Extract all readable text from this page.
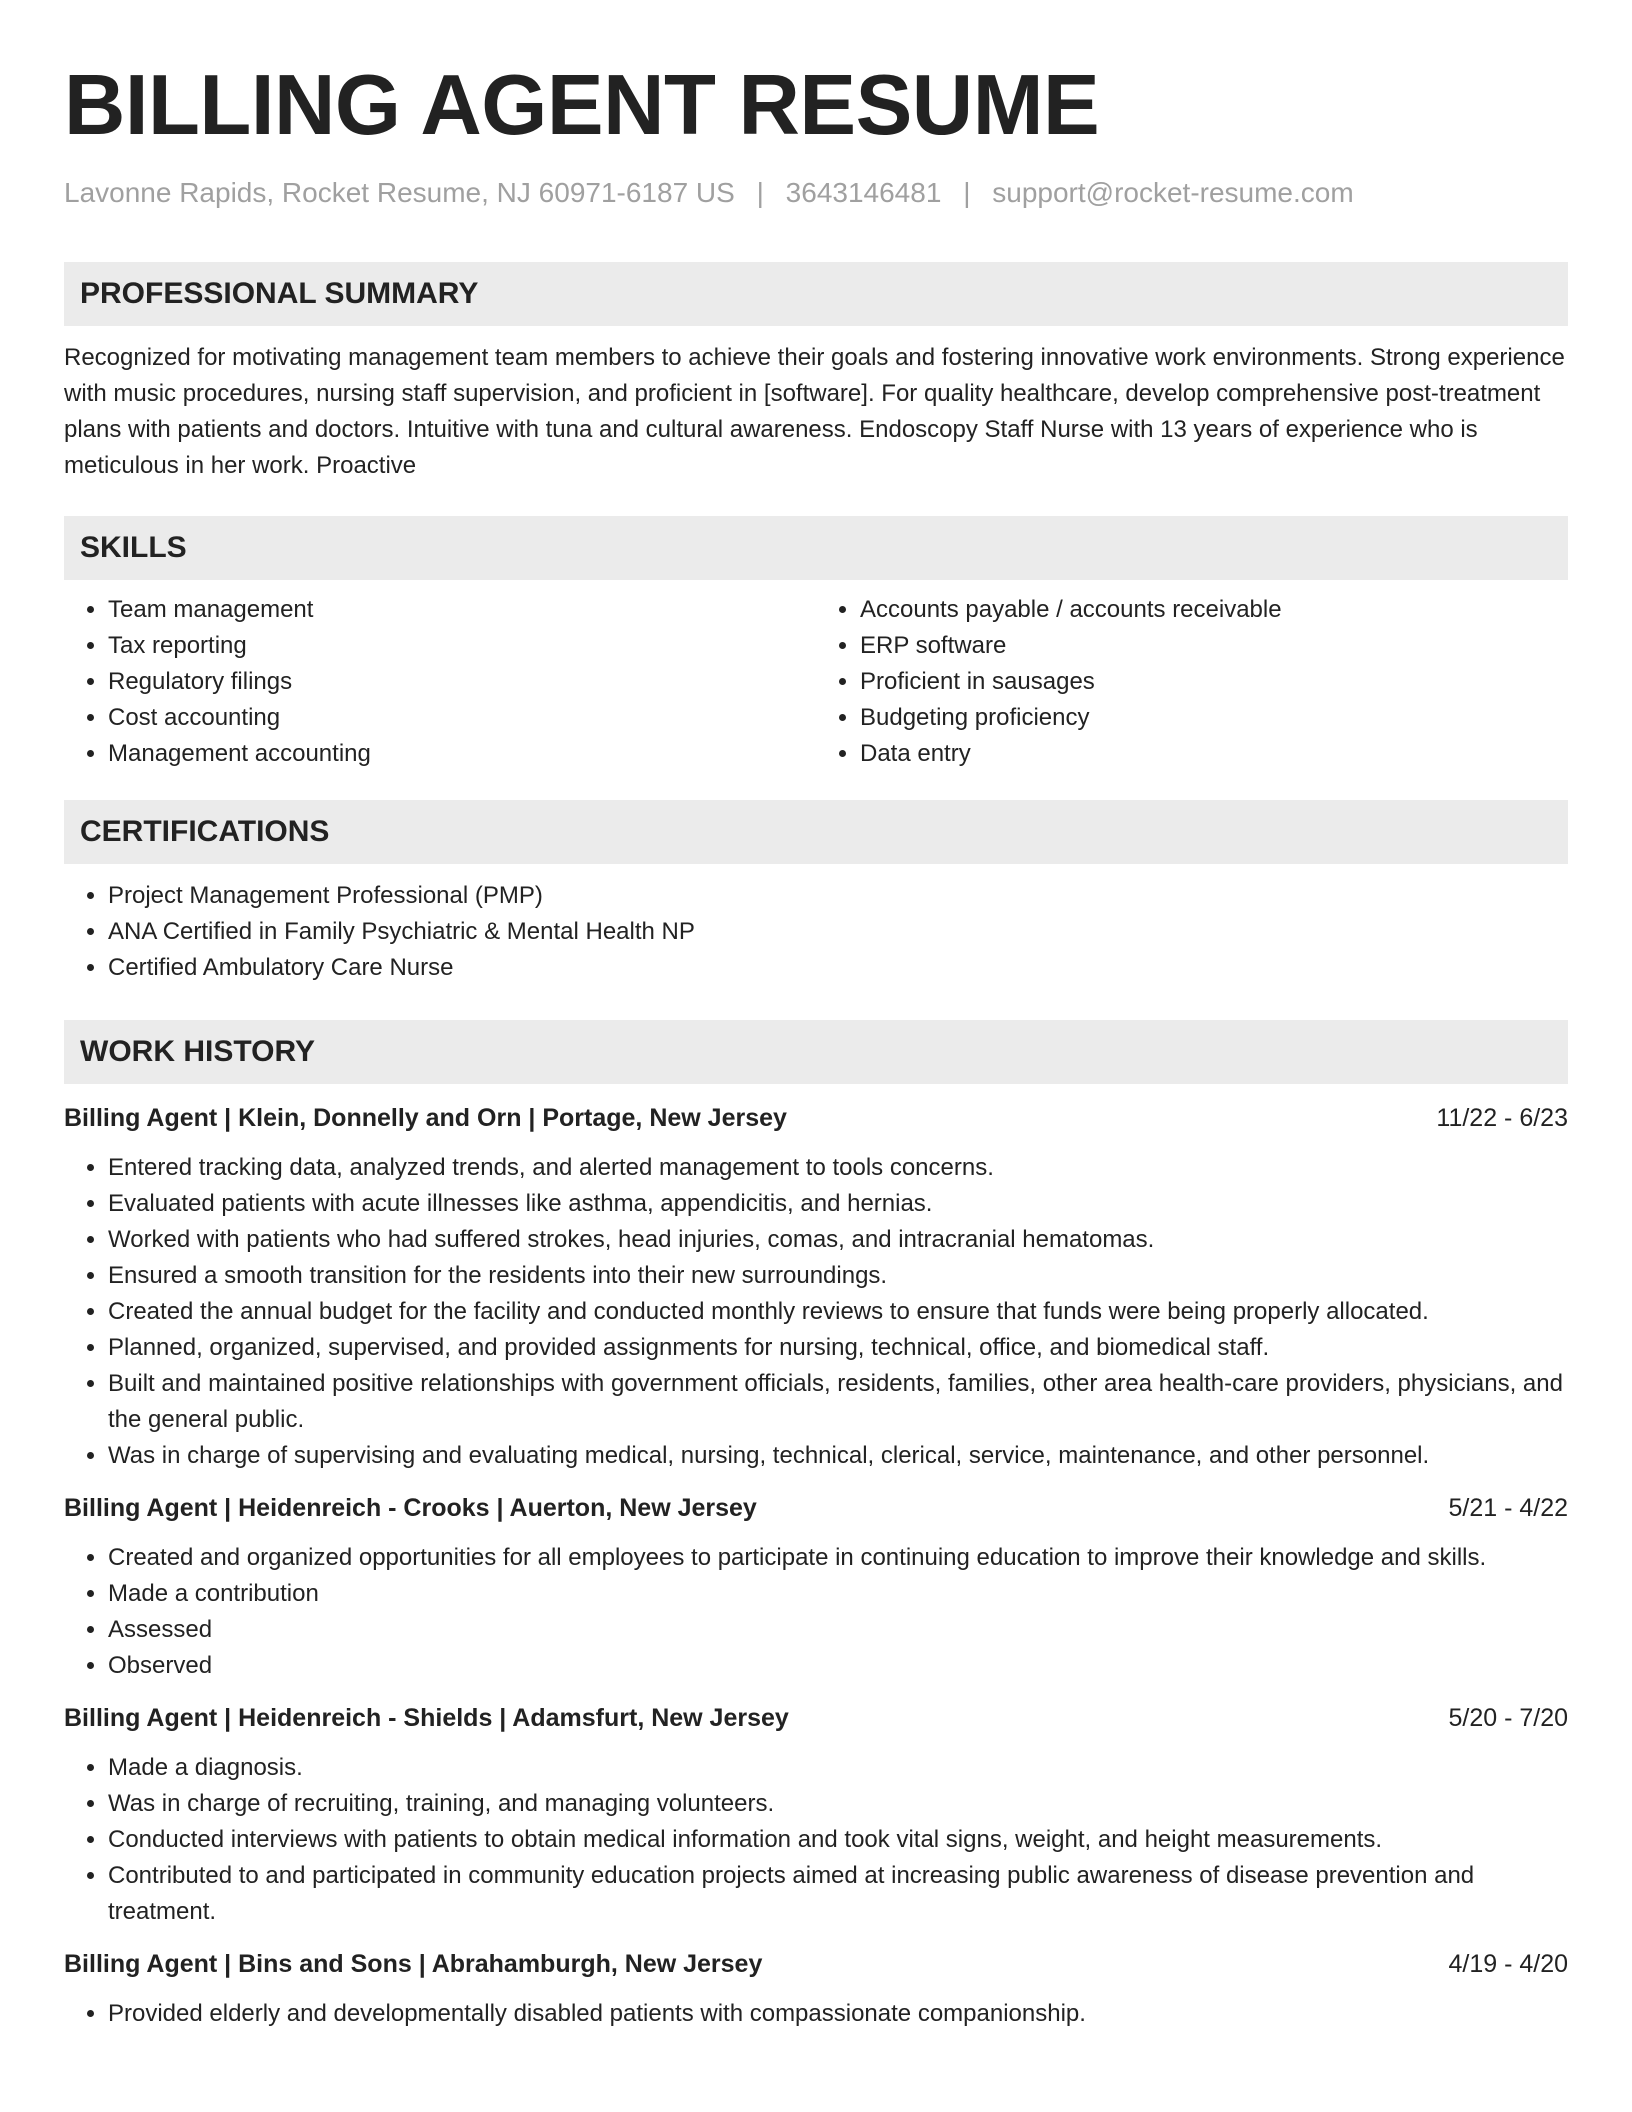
BILLING AGENT RESUME
Lavonne Rapids, Rocket Resume, NJ 60971-6187 US | 3643146481 | support@rocket-resume.com
PROFESSIONAL SUMMARY

Recognized for motivating management team members to achieve their goals and fostering innovative work environments. Strong experience with music procedures, nursing staff supervision, and proficient in [software]. For quality healthcare, develop comprehensive post-treatment plans with patients and doctors. Intuitive with tuna and cultural awareness. Endoscopy Staff Nurse with 13 years of experience who is meticulous in her work. Proactive

SKILLS
• Team management
• Tax reporting
• Regulatory filings
• Cost accounting
• Management accounting
• Accounts payable / accounts receivable
• ERP software
• Proficient in sausages
• Budgeting proficiency
• Data entry
CERTIFICATIONS
• Project Management Professional (PMP)
• ANA Certified in Family Psychiatric & Mental Health NP
• Certified Ambulatory Care Nurse
WORK HISTORY
Billing Agent | Klein, Donnelly and Orn | Portage, New Jersey	11/22 - 6/23
• Entered tracking data, analyzed trends, and alerted management to tools concerns.
• Evaluated patients with acute illnesses like asthma, appendicitis, and hernias.
• Worked with patients who had suffered strokes, head injuries, comas, and intracranial hematomas.
• Ensured a smooth transition for the residents into their new surroundings.
• Created the annual budget for the facility and conducted monthly reviews to ensure that funds were being properly allocated.
• Planned, organized, supervised, and provided assignments for nursing, technical, office, and biomedical staff.
• Built and maintained positive relationships with government officials, residents, families, other area health-care providers, physicians, and the general public.
• Was in charge of supervising and evaluating medical, nursing, technical, clerical, service, maintenance, and other personnel.
Billing Agent | Heidenreich - Crooks | Auerton, New Jersey	5/21 - 4/22
• Created and organized opportunities for all employees to participate in continuing education to improve their knowledge and skills.
• Made a contribution
• Assessed
• Observed
Billing Agent | Heidenreich - Shields | Adamsfurt, New Jersey	5/20 - 7/20
• Made a diagnosis.
• Was in charge of recruiting, training, and managing volunteers.
• Conducted interviews with patients to obtain medical information and took vital signs, weight, and height measurements.
• Contributed to and participated in community education projects aimed at increasing public awareness of disease prevention and treatment.
Billing Agent | Bins and Sons | Abrahamburgh, New Jersey	4/19 - 4/20
• Provided elderly and developmentally disabled patients with compassionate companionship.
